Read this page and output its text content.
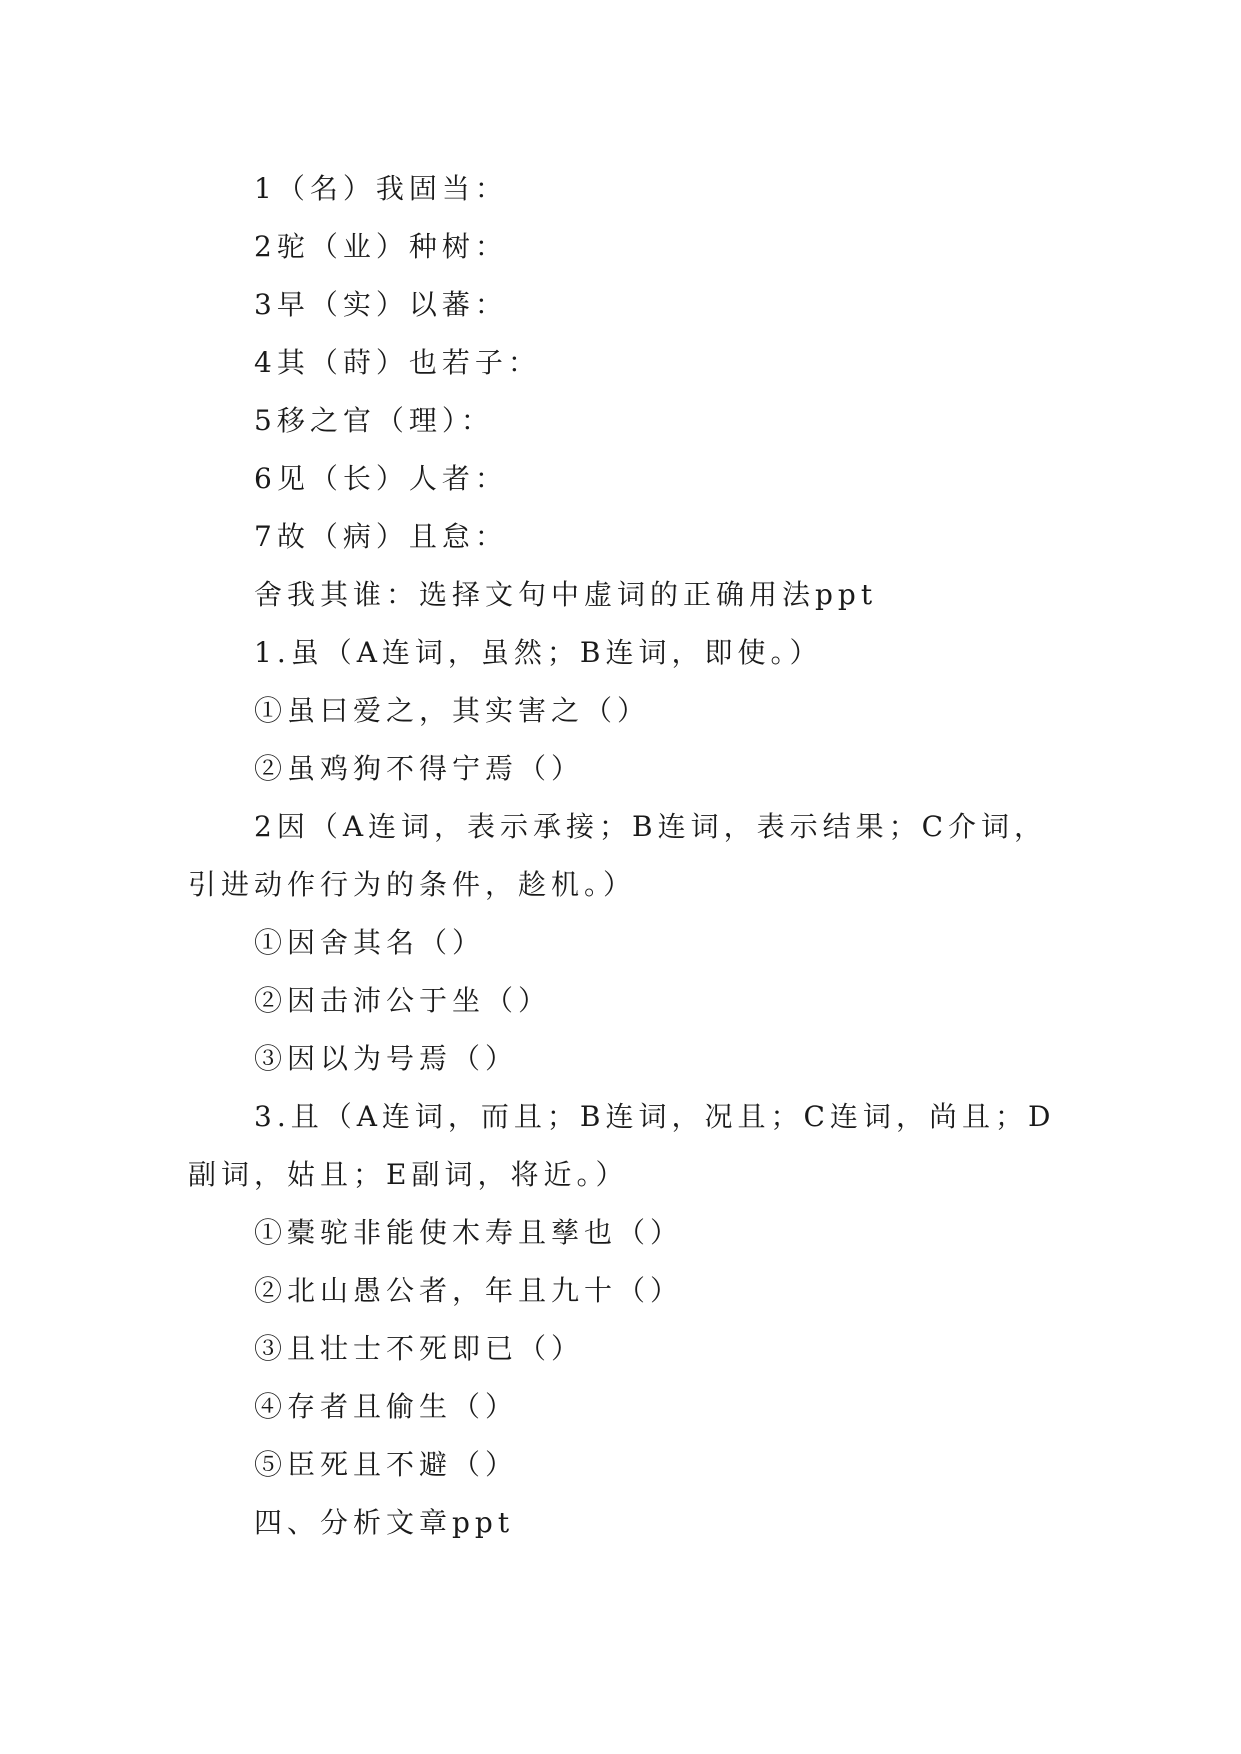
1（名）我固当：
2驼（业）种树：
3早（实）以蕃：
4其（莳）也若子：
5移之官（理）：
6见（长）人者：
7故（病）且怠：
舍我其谁：选择文句中虚词的正确用法ppt
1.虽（A连词，虽然；B连词，即使。）
①虽曰爱之，其实害之（）
②虽鸡狗不得宁焉（）
2因（A连词，表示承接；B连词，表示结果；C介词，
引进动作行为的条件，趁机。）
①因舍其名（）
②因击沛公于坐（）
③因以为号焉（）
3.且（A连词，而且；B连词，况且；C连词，尚且；D
副词，姑且；E副词，将近。）
①橐驼非能使木寿且孳也（）
②北山愚公者，年且九十（）
③且壮士不死即已（）
④存者且偷生（）
⑤臣死且不避（）
四、分析文章ppt
